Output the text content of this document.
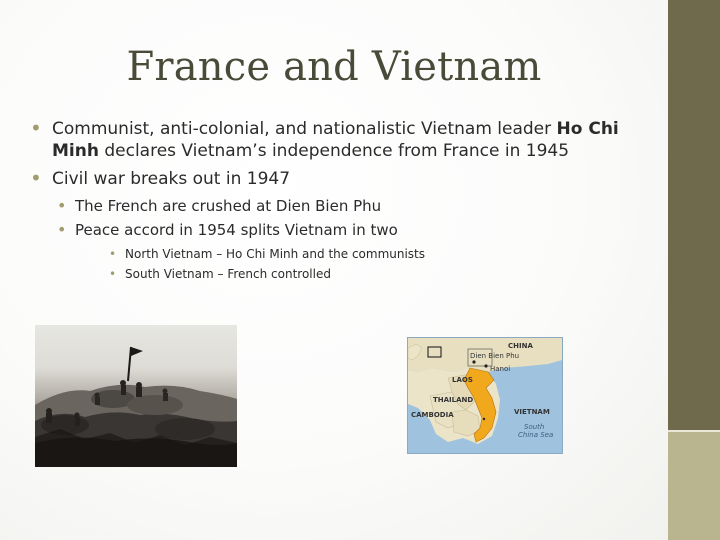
France and Vietnam
• Communist, anti-colonial, and nationalistic Vietnam leader Ho Chi Minh declares Vietnam’s independence from France in 1945
• Civil war breaks out in 1947
• The French are crushed at Dien Bien Phu
• Peace accord in 1954 splits Vietnam in two
• North Vietnam – Ho Chi Minh and the communists
• South Vietnam – French controlled
CHINA
Dien Bien Phu
Hanoi
LAOS
THAILAND
CAMBODIA	VIETNAM
South
China Sea
